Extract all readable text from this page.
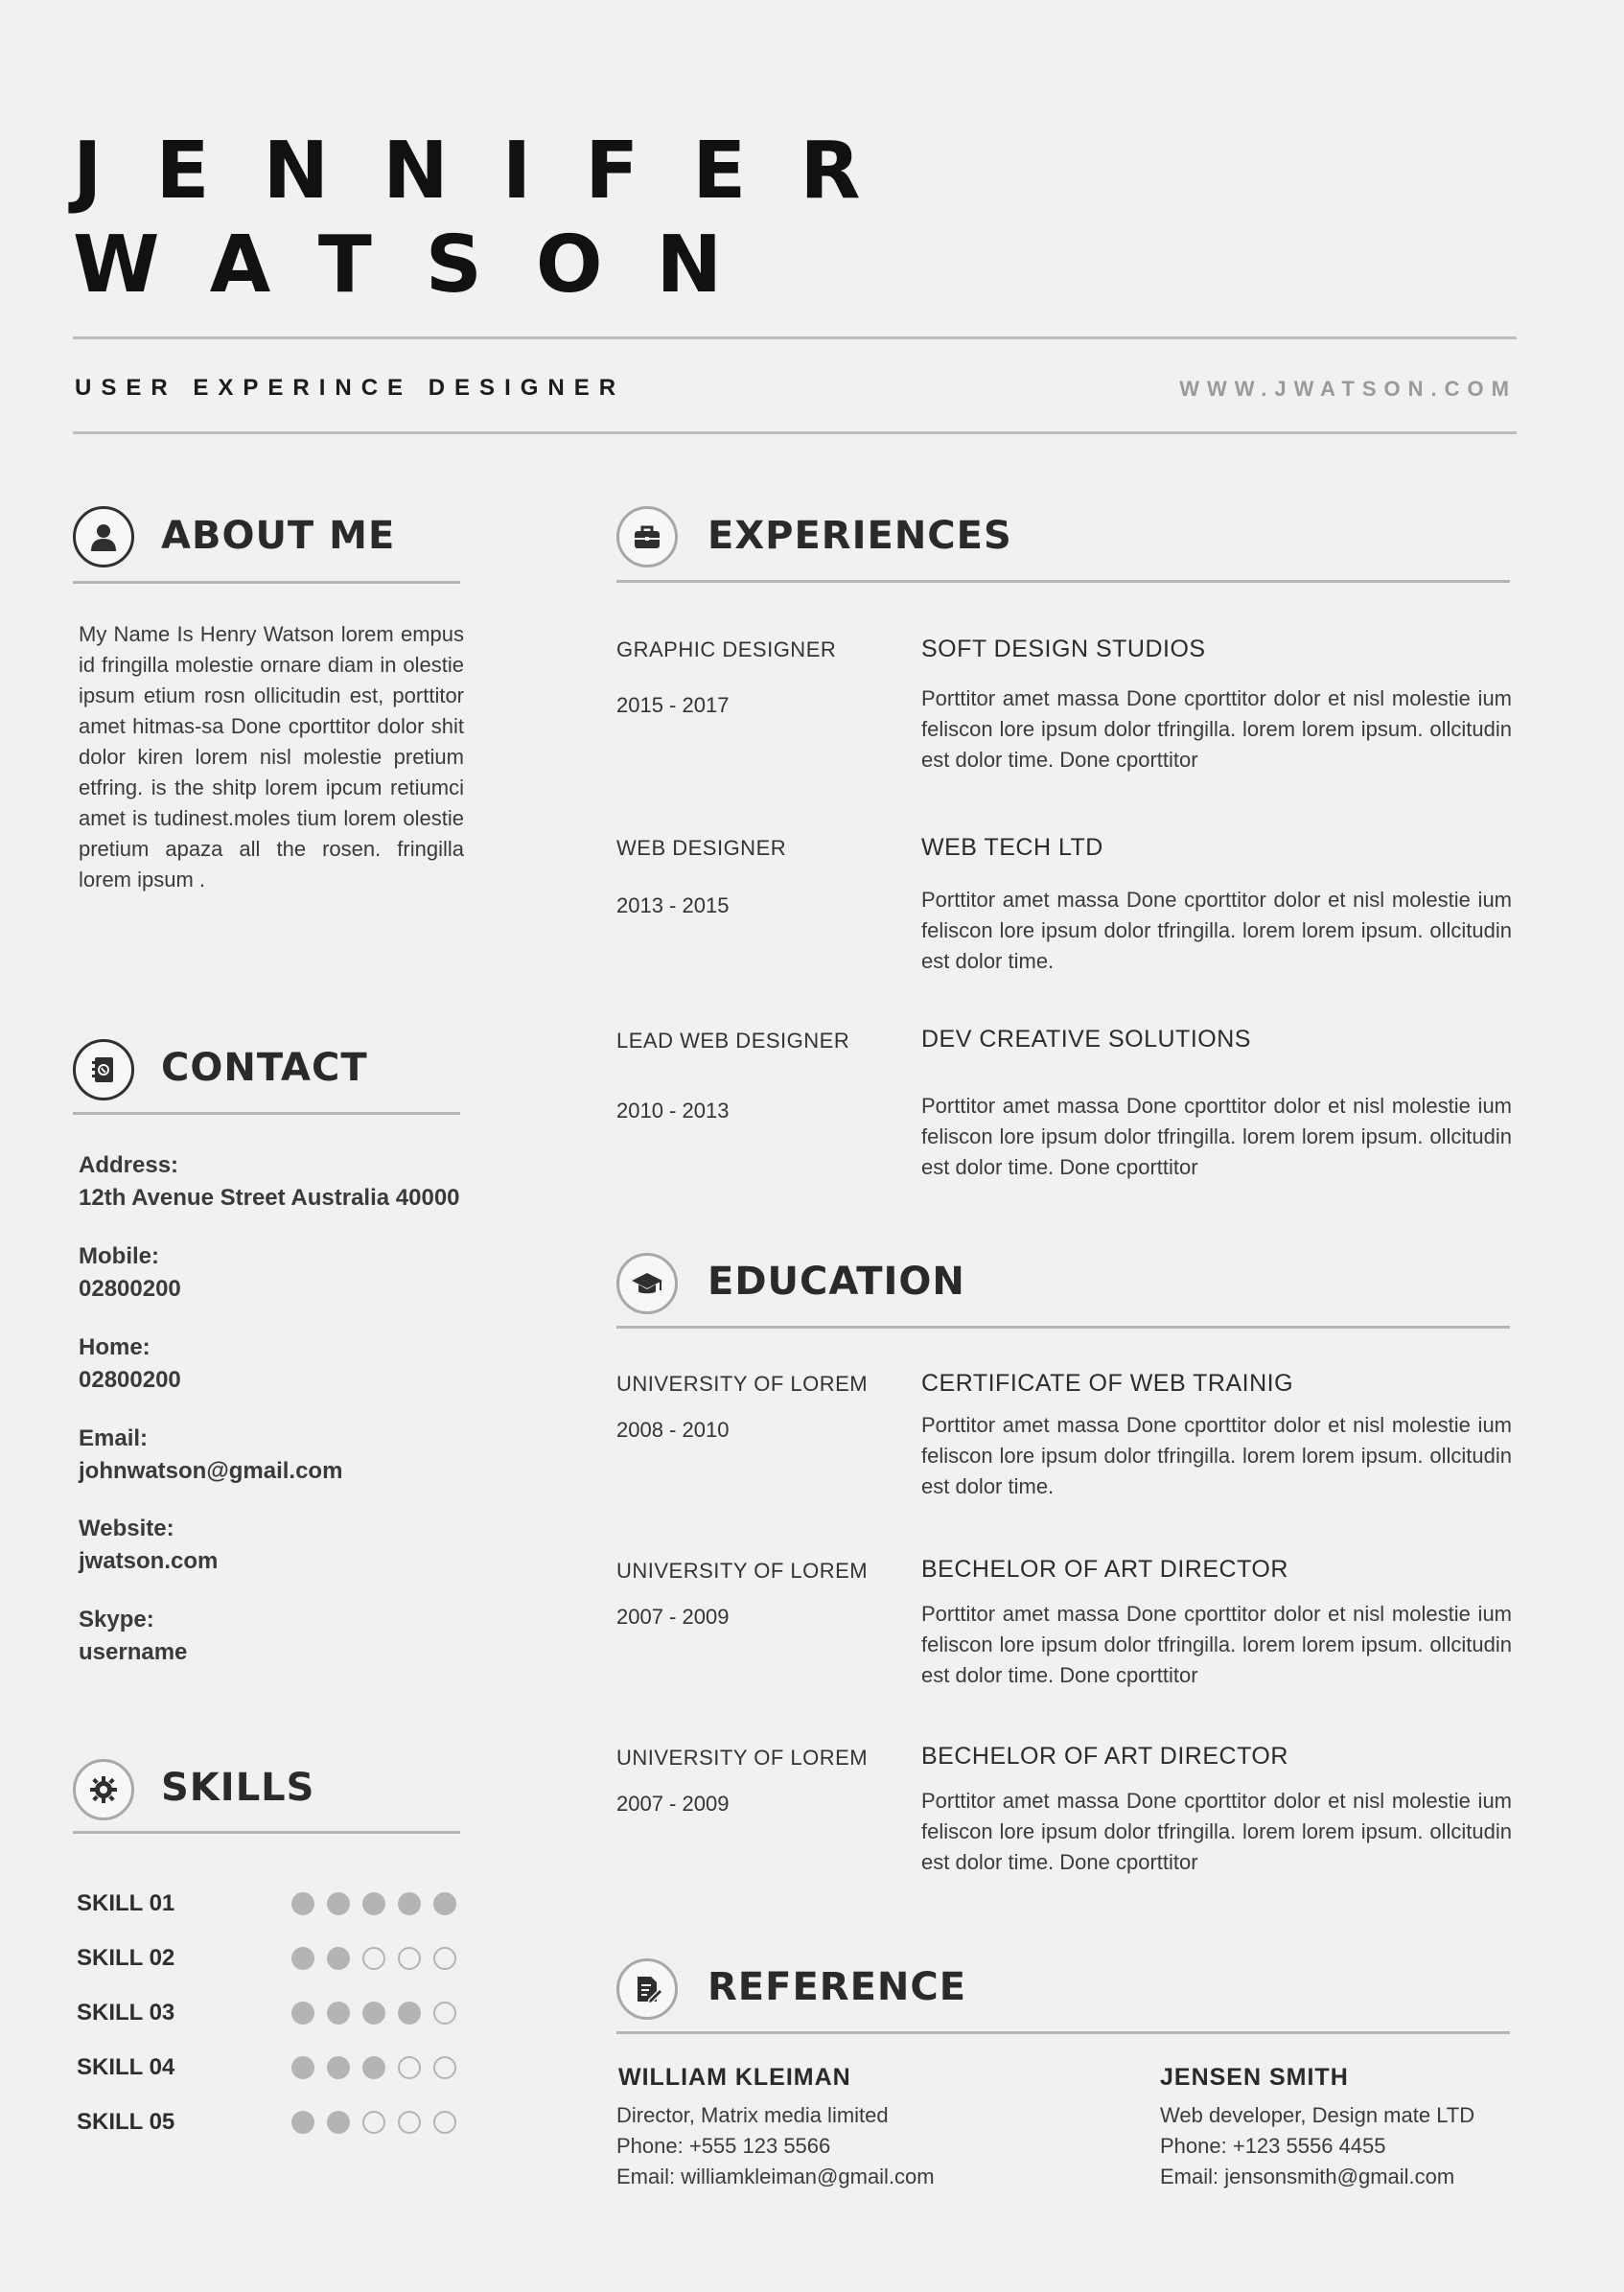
JENNIFER
WATSON
USER EXPERINCE DESIGNER	WWW.JWATSON.COM
ABOUT ME

My Name Is Henry Watson lorem empus id fringilla molestie ornare diam in olestie ipsum etium rosn ollicitudin est, porttitor amet hitmas-sa Done cporttitor dolor shit dolor kiren lorem nisl molestie pretium etfring. is the shitp lorem ipcum retiumci amet is tudinest.moles tium lorem olestie pretium apaza all the rosen. fringilla lorem ipsum .

CONTACT
Address:
12th Avenue Street Australia 40000
Mobile:
02800200
Home:
02800200
Email:
johnwatson@gmail.com
Website:
jwatson.com
Skype:
username
SKILLS
SKILL 01
SKILL 02
SKILL 03
SKILL 04
SKILL 05
EXPERIENCES
GRAPHIC DESIGNER
2015 - 2017
SOFT DESIGN STUDIOS

Porttitor amet massa Done cporttitor dolor et nisl molestie ium feliscon lore ipsum dolor tfringilla. lorem lorem ipsum. ollcitudin est dolor time. Done cporttitor

WEB DESIGNER
2013 - 2015
WEB TECH LTD

Porttitor amet massa Done cporttitor dolor et nisl molestie ium feliscon lore ipsum dolor tfringilla. lorem lorem ipsum. ollcitudin est dolor time.

LEAD WEB DESIGNER
2010 - 2013
DEV CREATIVE SOLUTIONS

Porttitor amet massa Done cporttitor dolor et nisl molestie ium feliscon lore ipsum dolor tfringilla. lorem lorem ipsum. ollcitudin est dolor time. Done cporttitor

EDUCATION
UNIVERSITY OF LOREM
2008 - 2010
CERTIFICATE OF WEB TRAINIG

Porttitor amet massa Done cporttitor dolor et nisl molestie ium feliscon lore ipsum dolor tfringilla. lorem lorem ipsum. ollcitudin est dolor time.

UNIVERSITY OF LOREM
2007 - 2009
BECHELOR OF ART DIRECTOR

Porttitor amet massa Done cporttitor dolor et nisl molestie ium feliscon lore ipsum dolor tfringilla. lorem lorem ipsum. ollcitudin est dolor time. Done cporttitor

UNIVERSITY OF LOREM
2007 - 2009
BECHELOR OF ART DIRECTOR

Porttitor amet massa Done cporttitor dolor et nisl molestie ium feliscon lore ipsum dolor tfringilla. lorem lorem ipsum. ollcitudin est dolor time. Done cporttitor

REFERENCE
WILLIAM KLEIMAN
Director, Matrix media limited
Phone: +555 123 5566
Email: williamkleiman@gmail.com
JENSEN SMITH
Web developer, Design mate LTD
Phone: +123 5556 4455
Email: jensonsmith@gmail.com
